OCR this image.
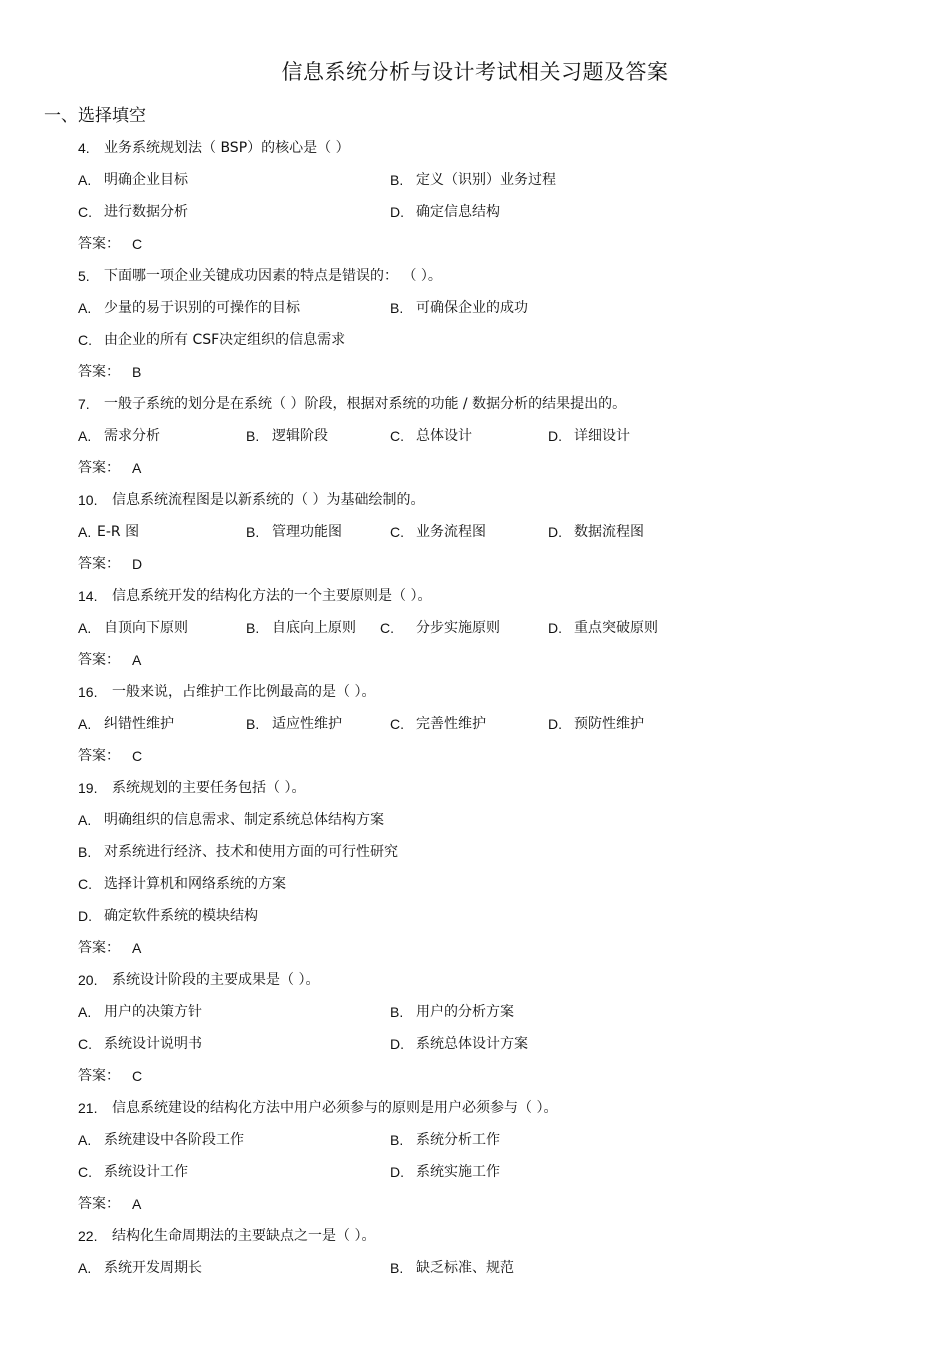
信息系统分析与设计考试相关习题及答案
一、选择填空
4. 业务系统规划法（ BSP）的核心是（ ）
A. 明确企业目标	B. 定义（识别）业务过程
C. 进行数据分析	D. 确定信息结构
答案： C
5. 下面哪一项企业关键成功因素的特点是错误的： （ ）。
A. 少量的易于识别的可操作的目标	B. 可确保企业的成功
C. 由企业的所有 CSF决定组织的信息需求
答案： B
7. 一般子系统的划分是在系统（ ）阶段，根据对系统的功能 / 数据分析的结果提出的。
A. 需求分析	B. 逻辑阶段	C. 总体设计	D. 详细设计
答案： A
10. 信息系统流程图是以新系统的（ ）为基础绘制的。
A. E-R 图	B. 管理功能图	C. 业务流程图	D. 数据流程图
答案： D
14. 信息系统开发的结构化方法的一个主要原则是（ ）。
A. 自顶向下原则	B. 自底向上原则 C. 分步实施原则	D. 重点突破原则
答案： A
16. 一般来说，占维护工作比例最高的是（ ）。
A. 纠错性维护	B. 适应性维护	C. 完善性维护	D. 预防性维护
答案： C
19. 系统规划的主要任务包括（ ）。
A. 明确组织的信息需求、制定系统总体结构方案
B. 对系统进行经济、技术和使用方面的可行性研究
C. 选择计算机和网络系统的方案
D. 确定软件系统的模块结构
答案： A
20. 系统设计阶段的主要成果是（ ）。
A. 用户的决策方针	B. 用户的分析方案
C. 系统设计说明书	D. 系统总体设计方案
答案： C
21. 信息系统建设的结构化方法中用户必须参与的原则是用户必须参与（ ）。
A. 系统建设中各阶段工作	B. 系统分析工作
C. 系统设计工作	D. 系统实施工作
答案： A
22. 结构化生命周期法的主要缺点之一是（ ）。
A. 系统开发周期长	B. 缺乏标准、规范
